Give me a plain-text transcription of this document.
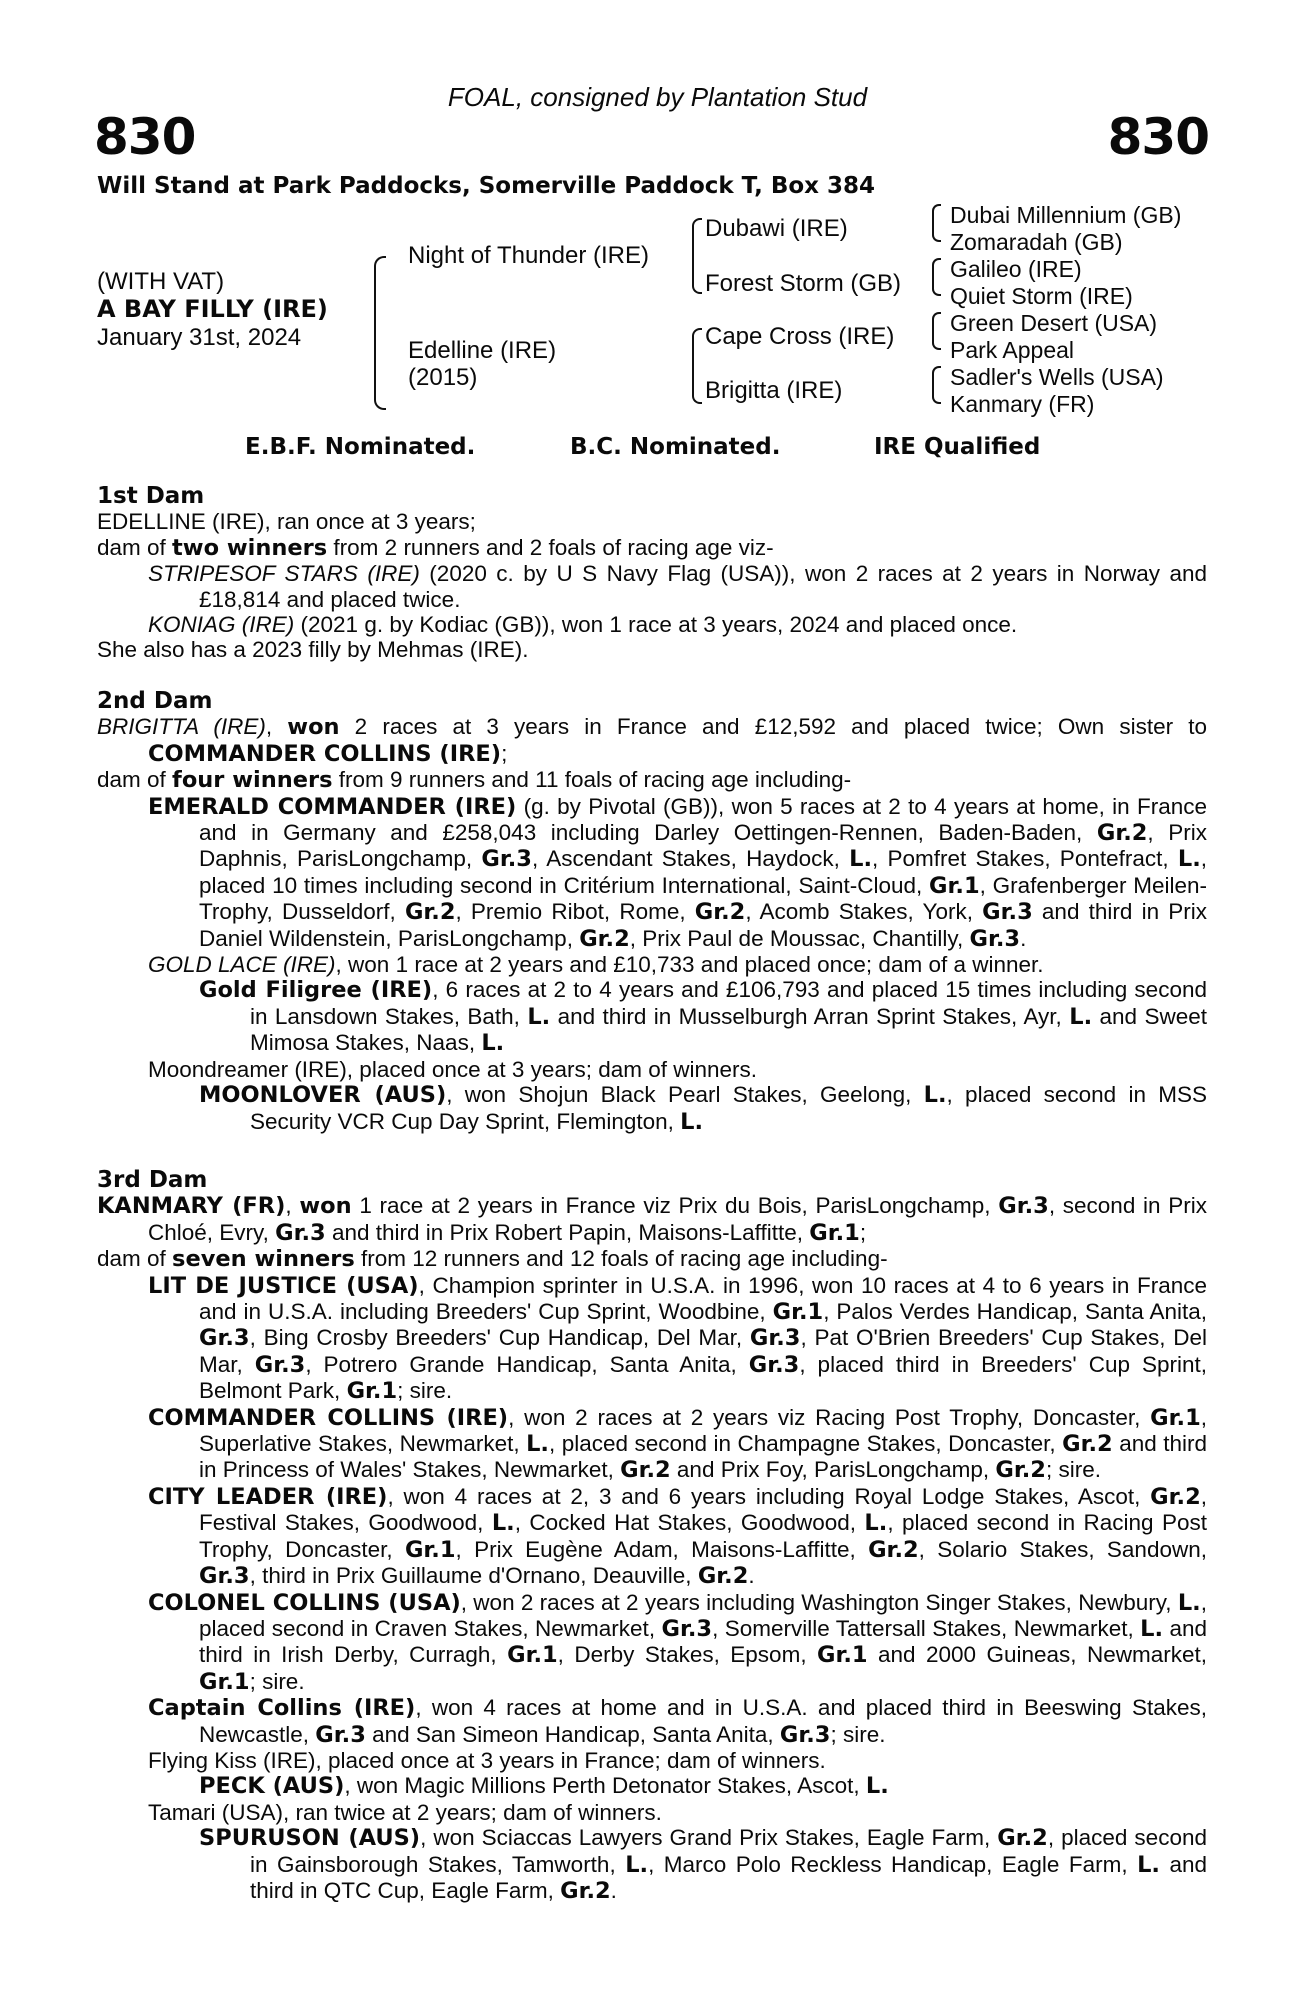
FOAL, consigned by Plantation Stud
830	830
Will Stand at Park Paddocks, Somerville Paddock T, Box 384
(WITH VAT)
A BAY FILLY (IRE)
January 31st, 2024
Night of Thunder (IRE)
Edelline (IRE)
(2015)
Dubawi (IRE)
Forest Storm (GB)
Cape Cross (IRE)
Brigitta (IRE)
Dubai Millennium (GB)
Zomaradah (GB)
Galileo (IRE)
Quiet Storm (IRE)
Green Desert (USA)
Park Appeal
Sadler's Wells (USA)
Kanmary (FR)
E.B.F. Nominated.	B.C. Nominated.	IRE Qualified

1st Dam

EDELLINE (IRE), ran once at 3 years;

dam of two winners from 2 runners and 2 foals of racing age viz-

STRIPESOF STARS (IRE) (2020 c. by U S Navy Flag (USA)), won 2 races at 2 years in Norway and £18,814 and placed twice.

KONIAG (IRE) (2021 g. by Kodiac (GB)), won 1 race at 3 years, 2024 and placed once.

She also has a 2023 filly by Mehmas (IRE).

2nd Dam

BRIGITTA (IRE), won 2 races at 3 years in France and £12,592 and placed twice; Own sister to COMMANDER COLLINS (IRE);

dam of four winners from 9 runners and 11 foals of racing age including-

EMERALD COMMANDER (IRE) (g. by Pivotal (GB)), won 5 races at 2 to 4 years at home, in France and in Germany and £258,043 including Darley Oettingen-Rennen, Baden-Baden, Gr.2, Prix Daphnis, ParisLongchamp, Gr.3, Ascendant Stakes, Haydock, L., Pomfret Stakes, Pontefract, L., placed 10 times including second in Critérium International, Saint-Cloud, Gr.1, Grafenberger Meilen-Trophy, Dusseldorf, Gr.2, Premio Ribot, Rome, Gr.2, Acomb Stakes, York, Gr.3 and third in Prix Daniel Wildenstein, ParisLongchamp, Gr.2, Prix Paul de Moussac, Chantilly, Gr.3.

GOLD LACE (IRE), won 1 race at 2 years and £10,733 and placed once; dam of a winner.

Gold Filigree (IRE), 6 races at 2 to 4 years and £106,793 and placed 15 times including second in Lansdown Stakes, Bath, L. and third in Musselburgh Arran Sprint Stakes, Ayr, L. and Sweet Mimosa Stakes, Naas, L.

Moondreamer (IRE), placed once at 3 years; dam of winners.

MOONLOVER (AUS), won Shojun Black Pearl Stakes, Geelong, L., placed second in MSS Security VCR Cup Day Sprint, Flemington, L.

3rd Dam

KANMARY (FR), won 1 race at 2 years in France viz Prix du Bois, ParisLongchamp, Gr.3, second in Prix Chloé, Evry, Gr.3 and third in Prix Robert Papin, Maisons-Laffitte, Gr.1;

dam of seven winners from 12 runners and 12 foals of racing age including-

LIT DE JUSTICE (USA), Champion sprinter in U.S.A. in 1996, won 10 races at 4 to 6 years in France and in U.S.A. including Breeders' Cup Sprint, Woodbine, Gr.1, Palos Verdes Handicap, Santa Anita, Gr.3, Bing Crosby Breeders' Cup Handicap, Del Mar, Gr.3, Pat O'Brien Breeders' Cup Stakes, Del Mar, Gr.3, Potrero Grande Handicap, Santa Anita, Gr.3, placed third in Breeders' Cup Sprint, Belmont Park, Gr.1; sire.

COMMANDER COLLINS (IRE), won 2 races at 2 years viz Racing Post Trophy, Doncaster, Gr.1, Superlative Stakes, Newmarket, L., placed second in Champagne Stakes, Doncaster, Gr.2 and third in Princess of Wales' Stakes, Newmarket, Gr.2 and Prix Foy, ParisLongchamp, Gr.2; sire.

CITY LEADER (IRE), won 4 races at 2, 3 and 6 years including Royal Lodge Stakes, Ascot, Gr.2, Festival Stakes, Goodwood, L., Cocked Hat Stakes, Goodwood, L., placed second in Racing Post Trophy, Doncaster, Gr.1, Prix Eugène Adam, Maisons-Laffitte, Gr.2, Solario Stakes, Sandown, Gr.3, third in Prix Guillaume d'Ornano, Deauville, Gr.2.

COLONEL COLLINS (USA), won 2 races at 2 years including Washington Singer Stakes, Newbury, L., placed second in Craven Stakes, Newmarket, Gr.3, Somerville Tattersall Stakes, Newmarket, L. and third in Irish Derby, Curragh, Gr.1, Derby Stakes, Epsom, Gr.1 and 2000 Guineas, Newmarket, Gr.1; sire.

Captain Collins (IRE), won 4 races at home and in U.S.A. and placed third in Beeswing Stakes, Newcastle, Gr.3 and San Simeon Handicap, Santa Anita, Gr.3; sire.

Flying Kiss (IRE), placed once at 3 years in France; dam of winners.

PECK (AUS), won Magic Millions Perth Detonator Stakes, Ascot, L.

Tamari (USA), ran twice at 2 years; dam of winners.

SPURUSON (AUS), won Sciaccas Lawyers Grand Prix Stakes, Eagle Farm, Gr.2, placed second in Gainsborough Stakes, Tamworth, L., Marco Polo Reckless Handicap, Eagle Farm, L. and third in QTC Cup, Eagle Farm, Gr.2.
